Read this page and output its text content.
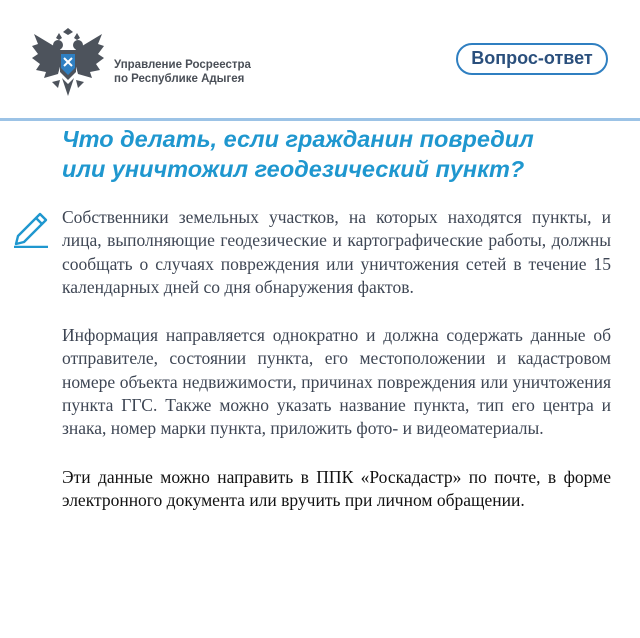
Управление Росреестра
по Республике Адыгея
Вопрос-ответ
Что делать, если гражданин повредил
или уничтожил геодезический пункт?

Собственники земельных участков, на которых находятся пункты, и лица, выполняющие геодезические и картографические работы, должны сообщать о случаях повреждения или уничтожения сетей в течение 15 календарных дней со дня обнаружения фактов.

Информация направляется однократно и должна содержать данные об отправителе, состоянии пункта, его местоположении и кадастровом номере объекта недвижимости, причинах повреждения или уничтожения пункта ГГС. Также можно указать название пункта, тип его центра и знака, номер марки пункта, приложить фото- и видеоматериалы.

Эти данные можно направить в ППК «Роскадастр» по почте, в форме электронного документа или вручить при личном обращении.
